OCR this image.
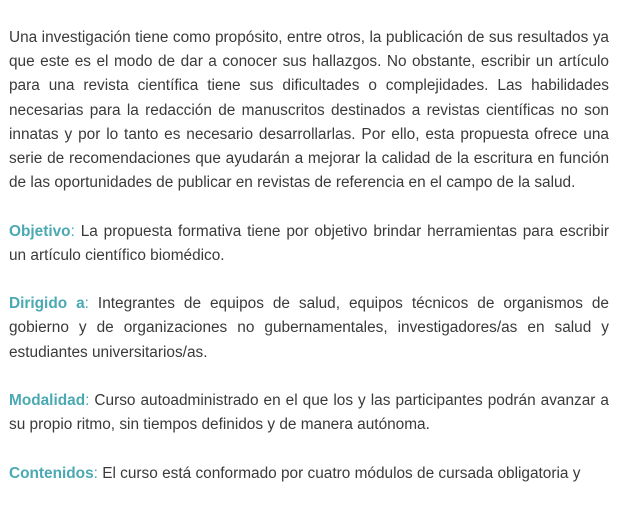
Una investigación tiene como propósito, entre otros, la publicación de sus resultados ya que este es el modo de dar a conocer sus hallazgos. No obstante, escribir un artículo para una revista científica tiene sus dificultades o complejidades. Las habilidades necesarias para la redacción de manuscritos destinados a revistas científicas no son innatas y por lo tanto es necesario desarrollarlas. Por ello, esta propuesta ofrece una serie de recomendaciones que ayudarán a mejorar la calidad de la escritura en función de las oportunidades de publicar en revistas de referencia en el campo de la salud.

Objetivo: La propuesta formativa tiene por objetivo brindar herramientas para escribir un artículo científico biomédico.

Dirigido a: Integrantes de equipos de salud, equipos técnicos de organismos de gobierno y de organizaciones no gubernamentales, investigadores/as en salud y estudiantes universitarios/as.

Modalidad: Curso autoadministrado en el que los y las participantes podrán avanzar a su propio ritmo, sin tiempos definidos y de manera autónoma.

Contenidos: El curso está conformado por cuatro módulos de cursada obligatoria y
